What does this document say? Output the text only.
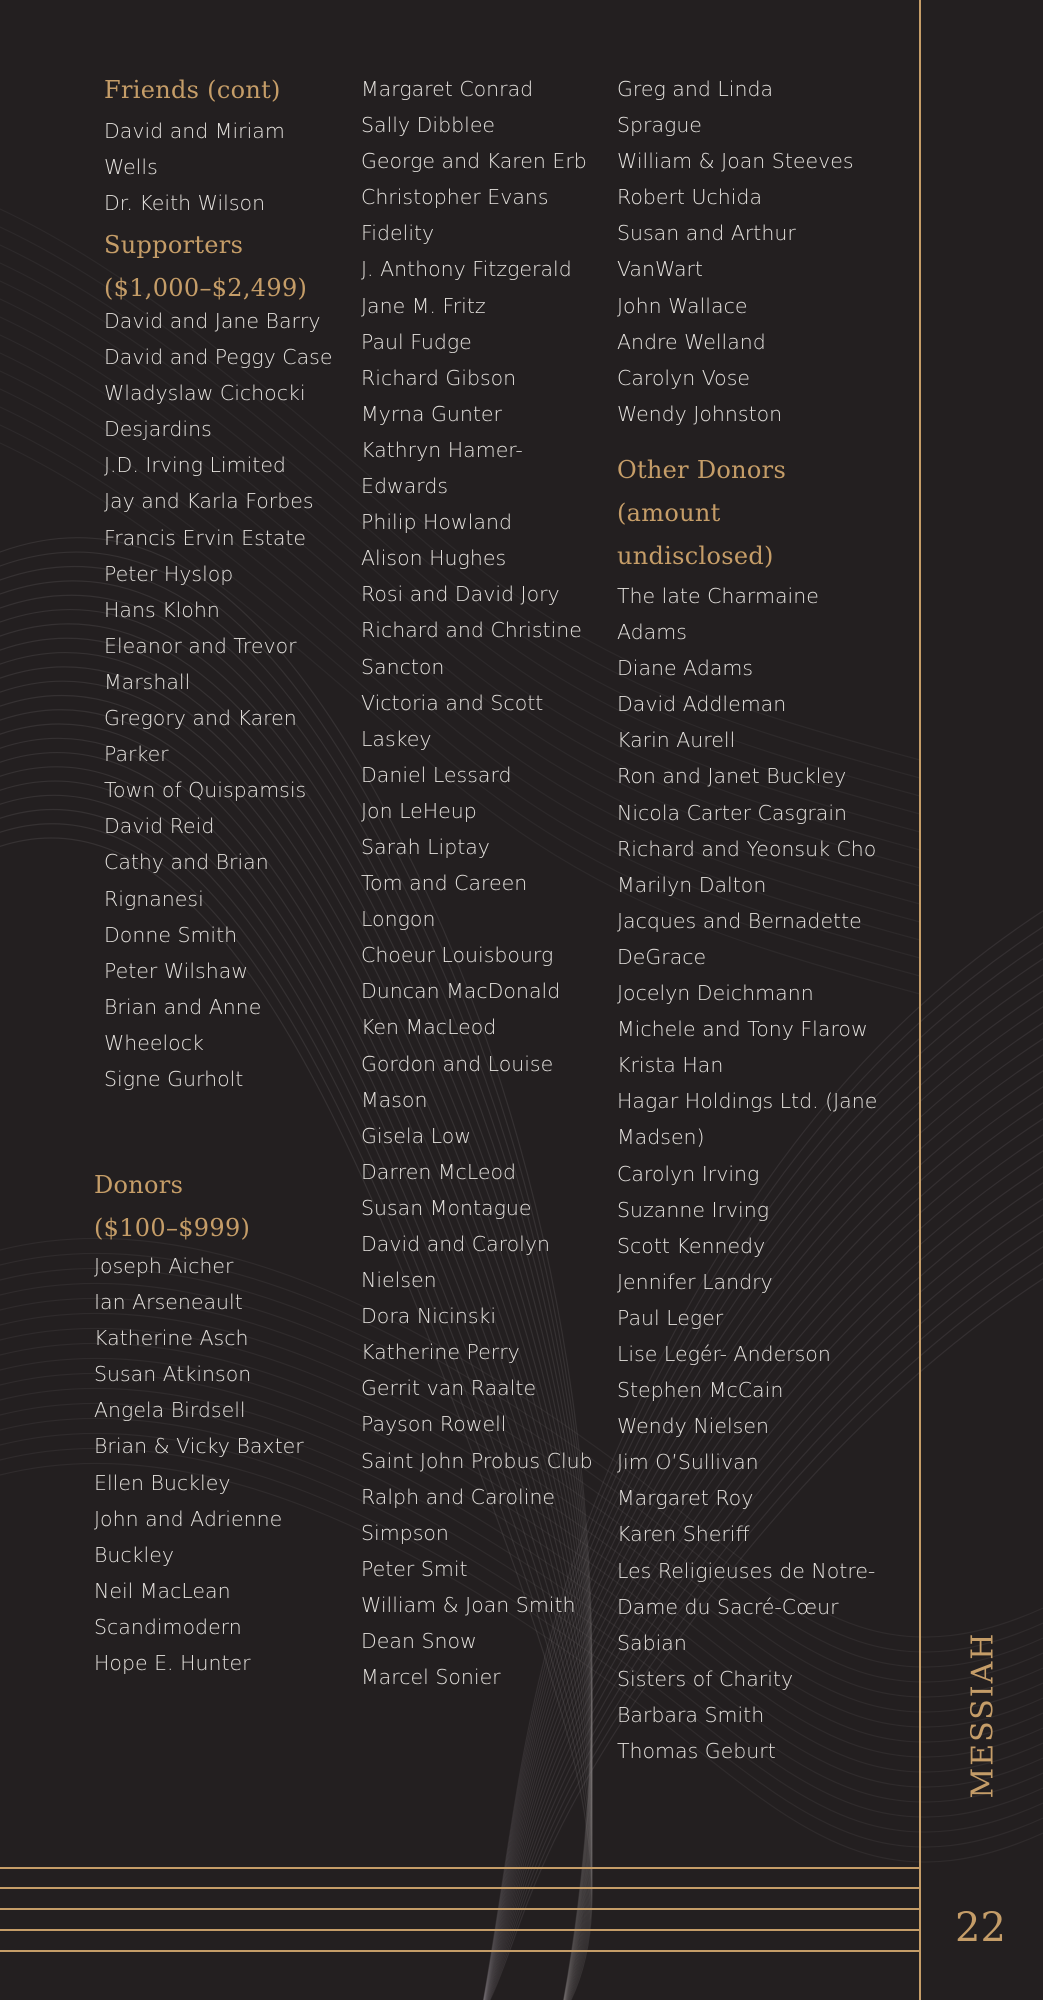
Friends (cont)
David and Miriam
Wells
Dr. Keith Wilson
Supporters
($1,000–$2,499)
David and Jane Barry
David and Peggy Case
Wladyslaw Cichocki
Desjardins
J.D. Irving Limited
Jay and Karla Forbes
Francis Ervin Estate
Peter Hyslop
Hans Klohn
Eleanor and Trevor
Marshall
Gregory and Karen
Parker
Town of Quispamsis
David Reid
Cathy and Brian
Rignanesi
Donne Smith
Peter Wilshaw
Brian and Anne
Wheelock
Signe Gurholt
Donors
($100–$999)
Joseph Aicher
Ian Arseneault
Katherine Asch
Susan Atkinson
Angela Birdsell
Brian & Vicky Baxter
Ellen Buckley
John and Adrienne
Buckley
Neil MacLean
Scandimodern
Hope E. Hunter
Margaret Conrad
Sally Dibblee
George and Karen Erb
Christopher Evans
Fidelity
J. Anthony Fitzgerald
Jane M. Fritz
Paul Fudge
Richard Gibson
Myrna Gunter
Kathryn Hamer-
Edwards
Philip Howland
Alison Hughes
Rosi and David Jory
Richard and Christine
Sancton
Victoria and Scott
Laskey
Daniel Lessard
Jon LeHeup
Sarah Liptay
Tom and Careen
Longon
Choeur Louisbourg
Duncan MacDonald
Ken MacLeod
Gordon and Louise
Mason
Gisela Low
Darren McLeod
Susan Montague
David and Carolyn
Nielsen
Dora Nicinski
Katherine Perry
Gerrit van Raalte
Payson Rowell
Saint John Probus Club
Ralph and Caroline
Simpson
Peter Smit
William & Joan Smith
Dean Snow
Marcel Sonier
Greg and Linda
Sprague
William & Joan Steeves
Robert Uchida
Susan and Arthur
VanWart
John Wallace
Andre Welland
Carolyn Vose
Wendy Johnston
Other Donors
(amount
undisclosed)
The late Charmaine
Adams
Diane Adams
David Addleman
Karin Aurell
Ron and Janet Buckley
Nicola Carter Casgrain
Richard and Yeonsuk Cho
Marilyn Dalton
Jacques and Bernadette
DeGrace
Jocelyn Deichmann
Michele and Tony Flarow
Krista Han
Hagar Holdings Ltd. (Jane
Madsen)
Carolyn Irving
Suzanne Irving
Scott Kennedy
Jennifer Landry
Paul Leger
Lise Legér- Anderson
Stephen McCain
Wendy Nielsen
Jim O’Sullivan
Margaret Roy
Karen Sheriff
Les Religieuses de Notre-
Dame du Sacré-Cœur
Sabian
Sisters of Charity
Barbara Smith
Thomas Geburt	MESSIAH
22
